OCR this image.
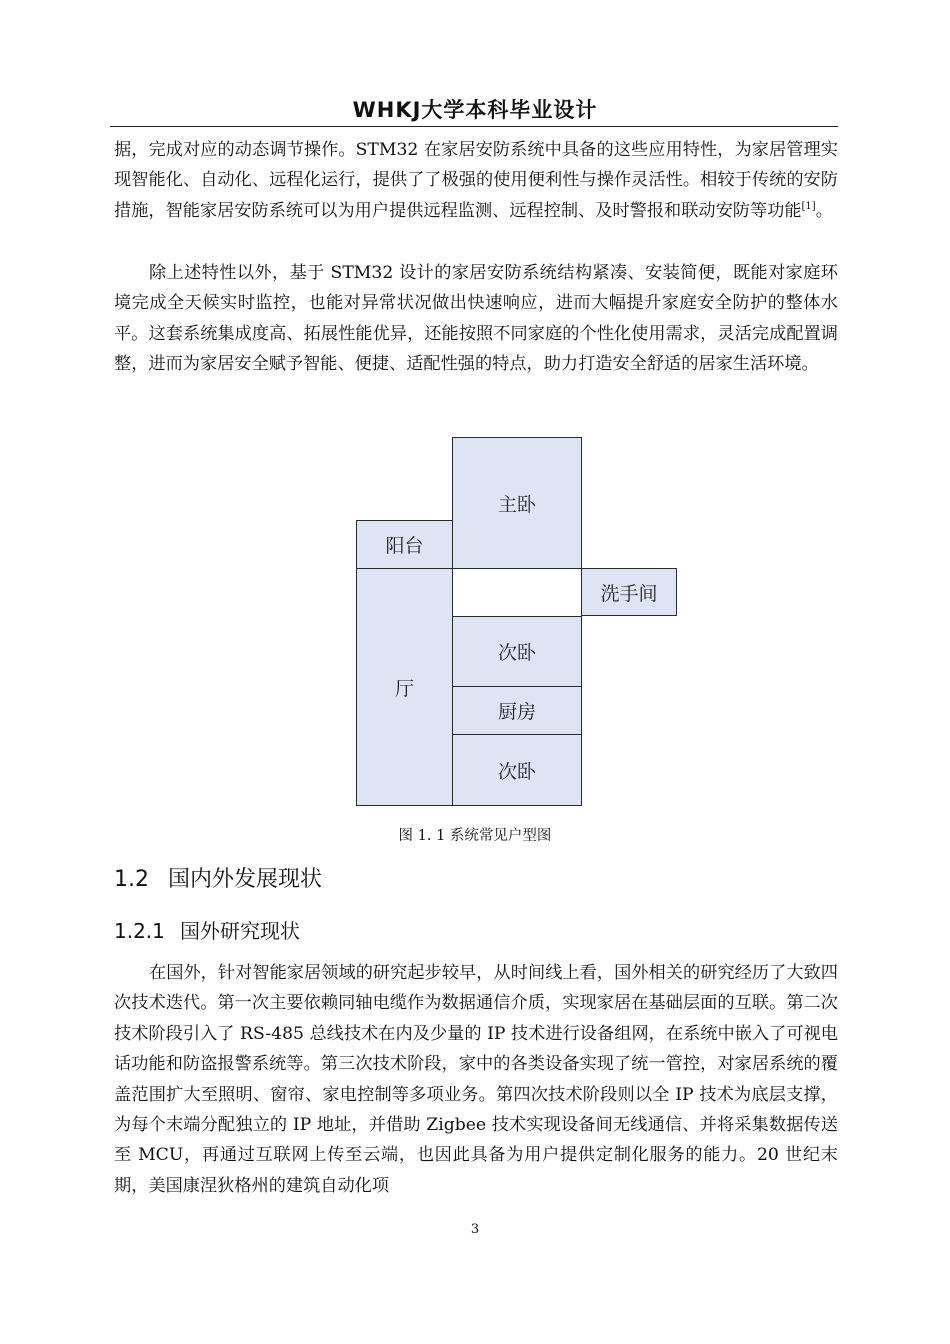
WHKJ大学本科毕业设计

据，完成对应的动态调节操作。STM32 在家居安防系统中具备的这些应用特性，为家居管理实现智能化、自动化、远程化运行，提供了了极强的使用便利性与操作灵活性。相较于传统的安防措施，智能家居安防系统可以为用户提供远程监测、远程控制、及时警报和联动安防等功能[1]。

除上述特性以外，基于 STM32 设计的家居安防系统结构紧凑、安装简便，既能对家庭环境完成全天候实时监控，也能对异常状况做出快速响应，进而大幅提升家庭安全防护的整体水平。这套系统集成度高、拓展性能优异，还能按照不同家庭的个性化使用需求，灵活完成配置调整，进而为家居安全赋予智能、便捷、适配性强的特点，助力打造安全舒适的居家生活环境。

主卧
阳台
洗手间
厅
次卧
厨房
次卧
图 1. 1 系统常见户型图
1.2 国内外发展现状
1.2.1 国外研究现状

在国外，针对智能家居领域的研究起步较早，从时间线上看，国外相关的研究经历了大致四次技术迭代。第一次主要依赖同轴电缆作为数据通信介质，实现家居在基础层面的互联。第二次技术阶段引入了 RS-485 总线技术在内及少量的 IP 技术进行设备组网，在系统中嵌入了可视电话功能和防盗报警系统等。第三次技术阶段，家中的各类设备实现了统一管控，对家居系统的覆盖范围扩大至照明、窗帘、家电控制等多项业务。第四次技术阶段则以全 IP 技术为底层支撑，为每个末端分配独立的 IP 地址，并借助 Zigbee 技术实现设备间无线通信、并将采集数据传送至 MCU，再通过互联网上传至云端，也因此具备为用户提供定制化服务的能力。20 世纪末期，美国康涅狄格州的建筑自动化项

3
